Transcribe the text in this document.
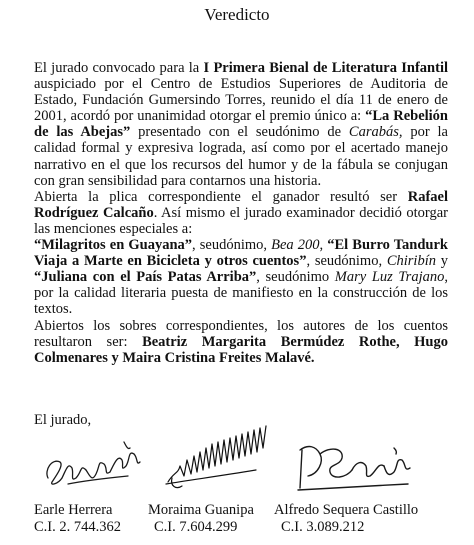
Veredicto

El jurado convocado para la I Primera Bienal de Literatura Infantil auspiciado por el Centro de Estudios Superiores de Auditoria de Estado, Fundación Gumersindo Torres, reunido el día 11 de enero de 2001, acordó por unanimidad otorgar el premio único a: “La Rebelión de las Abejas” presentado con el seudónimo de Carabás, por la calidad formal y expresiva lograda, así como por el acertado manejo narrativo en el que los recursos del humor y de la fábula se conjugan con gran sensibilidad para contarnos una historia.

Abierta la plica correspondiente el ganador resultó ser Rafael Rodríguez Calcaño. Así mismo el jurado examinador decidió otorgar las menciones especiales a:

“Milagritos en Guayana”, seudónimo, Bea 200, “El Burro Tandurk Viaja a Marte en Bicicleta y otros cuentos”, seudónimo, Chiribín y “Juliana con el País Patas Arriba”, seudónimo Mary Luz Trajano, por la calidad literaria puesta de manifiesto en la construcción de los textos.

Abiertos los sobres correspondientes, los autores de los cuentos resultaron ser: Beatriz Margarita Bermúdez Rothe, Hugo Colmenares y Maira Cristina Freites Malavé.

El jurado,
Earle Herrera
C.I. 2. 744.362
Moraima Guanipa
C.I. 7.604.299
Alfredo Sequera Castillo
C.I. 3.089.212
